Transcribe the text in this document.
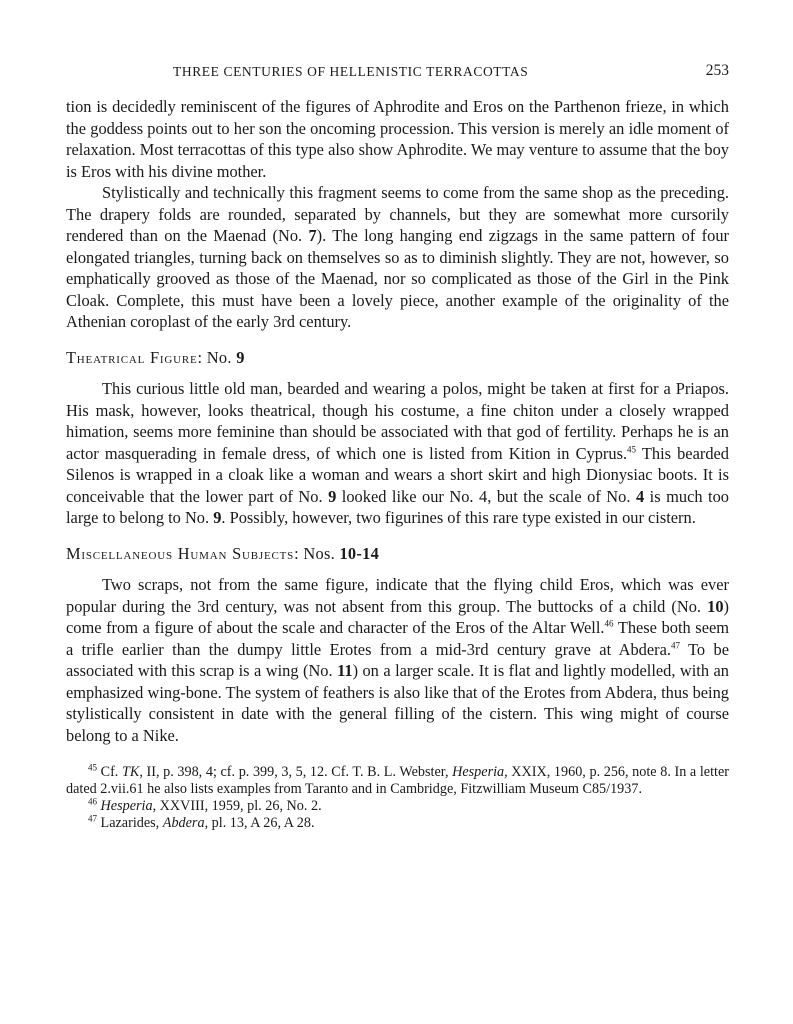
THREE CENTURIES OF HELLENISTIC TERRACOTTAS	253

tion is decidedly reminiscent of the figures of Aphrodite and Eros on the Parthenon frieze, in which the goddess points out to her son the oncoming procession. This version is merely an idle moment of relaxation. Most terracottas of this type also show Aphrodite. We may venture to assume that the boy is Eros with his divine mother.

Stylistically and technically this fragment seems to come from the same shop as the preceding. The drapery folds are rounded, separated by channels, but they are somewhat more cursorily rendered than on the Maenad (No. 7). The long hanging end zigzags in the same pattern of four elongated triangles, turning back on themselves so as to diminish slightly. They are not, however, so emphatically grooved as those of the Maenad, nor so complicated as those of the Girl in the Pink Cloak. Complete, this must have been a lovely piece, another example of the originality of the Athenian coroplast of the early 3rd century.

Theatrical Figure: No. 9

This curious little old man, bearded and wearing a polos, might be taken at first for a Priapos. His mask, however, looks theatrical, though his costume, a fine chiton under a closely wrapped himation, seems more feminine than should be associated with that god of fertility. Perhaps he is an actor masquerading in female dress, of which one is listed from Kition in Cyprus.$^{45}$ This bearded Silenos is wrapped in a cloak like a woman and wears a short skirt and high Dionysiac boots. It is conceivable that the lower part of No. 9 looked like our No. 4, but the scale of No. 4 is much too large to belong to No. 9. Possibly, however, two figurines of this rare type existed in our cistern.

Miscellaneous Human Subjects: Nos. 10-14

Two scraps, not from the same figure, indicate that the flying child Eros, which was ever popular during the 3rd century, was not absent from this group. The buttocks of a child (No. 10) come from a figure of about the scale and character of the Eros of the Altar Well.$^{46}$ These both seem a trifle earlier than the dumpy little Erotes from a mid-3rd century grave at Abdera.$^{47}$ To be associated with this scrap is a wing (No. 11) on a larger scale. It is flat and lightly modelled, with an emphasized wing-bone. The system of feathers is also like that of the Erotes from Abdera, thus being stylistically consistent in date with the general filling of the cistern. This wing might of course belong to a Nike.

$^{45}$ Cf. TK, II, p. 398, 4; cf. p. 399, 3, 5, 12. Cf. T. B. L. Webster, Hesperia, XXIX, 1960, p. 256, note 8. In a letter dated 2.vii.61 he also lists examples from Taranto and in Cambridge, Fitzwilliam Museum C85/1937.

$^{46}$ Hesperia, XXVIII, 1959, pl. 26, No. 2.

$^{47}$ Lazarides, Abdera, pl. 13, A 26, A 28.
